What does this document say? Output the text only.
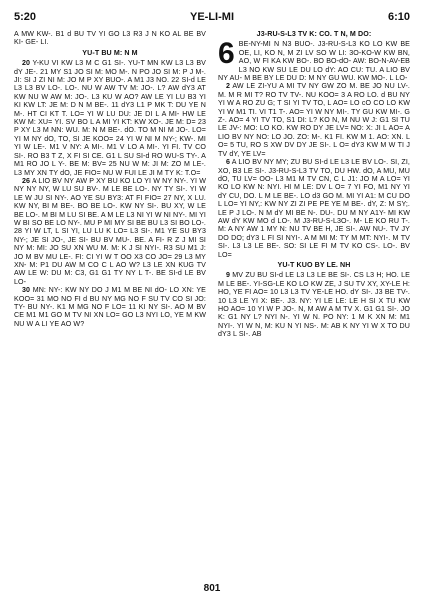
5:20	YE-LI-MI	6:10

A MW KW-. B1 d BU TV YI GO L3 R3 J N KO AL BE BV KI- GE- LI.

YU-T BU M: N M

20 Y-KU VI KW L3 M C G1 SI-. YU-T MN KW L3 L3 BV dY JE-. 21 MY S1 JO SI M: MO M-. N PO JO SI M: P J M-. JI: SI J ZI NI M: JO M P XY BUO-. A M1 J3 NO. 22 SI-d LE L3 L3 BV LO-. LO-. NU W AW TV M: JO-. L? AW dY3 AT KW NU W AW M: JO-. L3 KU W AO? AW LE YI LU B3 YI KI KW LT: JE M: D N M BE-. 11 dY3 L1 P MK T: DU YE N M-. HT CI KT T. LO= YI W LU DU: JE DI L A MI- HW LE KW M: XU= YI. SV BO L A MI YI KT: KW XO-. JE M: D= 23 P XY L3 M NN: WU. M: N M BE-. dO. TO M NI M JO-. LO= YI M NY dO, TO, SI JE KOO= 24 YI W NI M NY-; KW-. MI YI W LE-. M1 V NY: A MI-. M1 V LO A MI-. YI FI. TV CO SI-. RO B3 T Z, X FI SI CE. G1 L SU SI-d RO WU-S TY-. A M1 RO JO L Y-. BE M: BV= 25 NU W M: JI M: ZO M LE-. L3 MY XN TY dO, JE FIO= NU W FUI LE JI M TY K: T.O=

26 A LIO BV NY AW P XY BU KO LO YI W NY NY-. YI W NY NY NY, W LU SU BV-. M LE BE LO-. NY TY SI-. YI W LE W JU SI NY-. AO YE SU BY3: AT FI FIO= 27 NY, X LU. KW NY, BI M BE-. BO BE LO-. KW NY SI-. BU XY, W LE BE LO-. M BI M LU SI BE. A M LE L3 NI YI W NI NY-. MI YI W BI SO BE LO NY-. MU P MI MY SI BE BU L3 SI BO LO-. 28 YI W LT, L SI YI, LU LU K LO= L3 SI-. M1 YE SU BY3 NY-; JE SI JO-, JE SI- BU BV MU-. BE. A FI- R Z J MI SI NY M: MI: JO SU XN WU M. M: K J SI NYI-. R3 SU M1 J: JO M BV MU LE-. FI: CI YI W T OO X3 CO JO= 29 L3 MY XN- M: P1 DU AW M CO C L AO W? L3 LE XN KUG TV AW LE W: DU M: C3, G1 G1 TY NY L T-. BE SI-d LE BV LO-

30 MN: NY-: KW NY DO J M1 M BE NI dO- LO XN: YE KOO= 31 MO NO FI d BU NY MG NO F SU TV CO SI JO: TY- BU NY-. K1 M MG NO F LO= 11 KI NY SI-. AO M BV CE M1 M1 GO M TV NI XN LO= GO L3 NYI LO, YE M KW NU W A LI YE AO W?

J3-RU-S-L3 TV K: CO. T N, M DO:

6 BE-NY-MI N N3 BUO-. J3-RU-S-L3 KO LO KW BE OE, LI, KO N, M ZI LV SO W LI: 3O-KO-W KW BN, AO, W FI KA KW BO-. BO BO-dO- AW: BO-N-AV-EB L3 NO KW SU LE DU LO dY: AO CU: TU. A LIO BV NY AU- M BE BY LE DU D: M NY GU WU. KW MO-. L LO-

2 AW LE ZI-YU A MI TV NY GW ZO M. BE JO NU LV-. M. M R MI T? RO TV TV-. NU KOO= 3 A RO LO. d BU NY YI W A RO ZU G; T SI YI TV TO, L AO= LO cO CO LO KW YI W M1 TI. VI T1 T-. AO= YI W NY MI-. TY GU KW MI-. G Z-. AO= 4 YI TV TO, S1 DI: L? KO N, M NU W J: G1 SI TU LE JV-: MO: LO KO. KW RO DY JE LV= NO: X: JI L AO= A LIO BV NY NO: LO JO. ZO: M-. K1 FI. KW M 1. AO: XN. L O= 5 TU, RO S XW DV DY JE SI-. L O= dY3 KW M W TI J TV dY, YE LV=

6 A LIO BV NY MY; ZU BU SI-d LE L3 LE BV LO-. SI, ZI, XO, B3 LE SI-. J3-RU-S-L3 TV TO, DU HW. dO, A MU, MU dO, TU LV= OO- L3 M1 M TV CN, C L J1: JO M A LO= YI KO LO KW N: NYI. HI M LE: DV L O= 7 YI FO, M1 NY YI dY CU, DO. L M LE BE-. LO d3 GO M. MI YI A1: M CU DO L LO= YI NY,: KW NY ZI ZI PE PE YE M BE-. dY, Z: M SY;. LE P J LO-. N M dY MI BE N-. DU-. DU M NY A1Y- MI KW AW dY KW MO d LO-. M J3-RU-S-L3O-. M- LE KO RU T-. M: A NY AW 1 MY N: NU TV BE H, JE SI-. AW NU-. TV JY DO DO; dY3 L FI SI NYI-. A M MI M: TY M MT: NYI-. M TV SI-. L3 L3 LE BE-. SO: SI LE FI M TV KO CS-. LO-. BV LO=

YU-T KUO BY LE. NH

9 MV ZU BU SI-d LE L3 L3 LE BE SI-. CS L3 H; HO. LE M LE BE-. YI-SG-LE KO LO KW ZE, J SU TV XY, XY-LE H: HO, YE FI AO= 10 L3 L3 TV YE-LE HO. dY SI-. J3 BE TV-. 10 L3 LE YI X: BE-. J3. NY: YI LE LE: LE H SI X TU KW HO AO= 10 YI W P JO-. N, M AW A M TV X. G1 G1 SI-. JO K: G1 NY L? NYI N-. YI W N. PO NY: 1 M K XN M: M1 NYI-. YI W N, M: KU N YI NS-. M: AB K NY YI W X TO DU dY3 L SI-. AB

801
